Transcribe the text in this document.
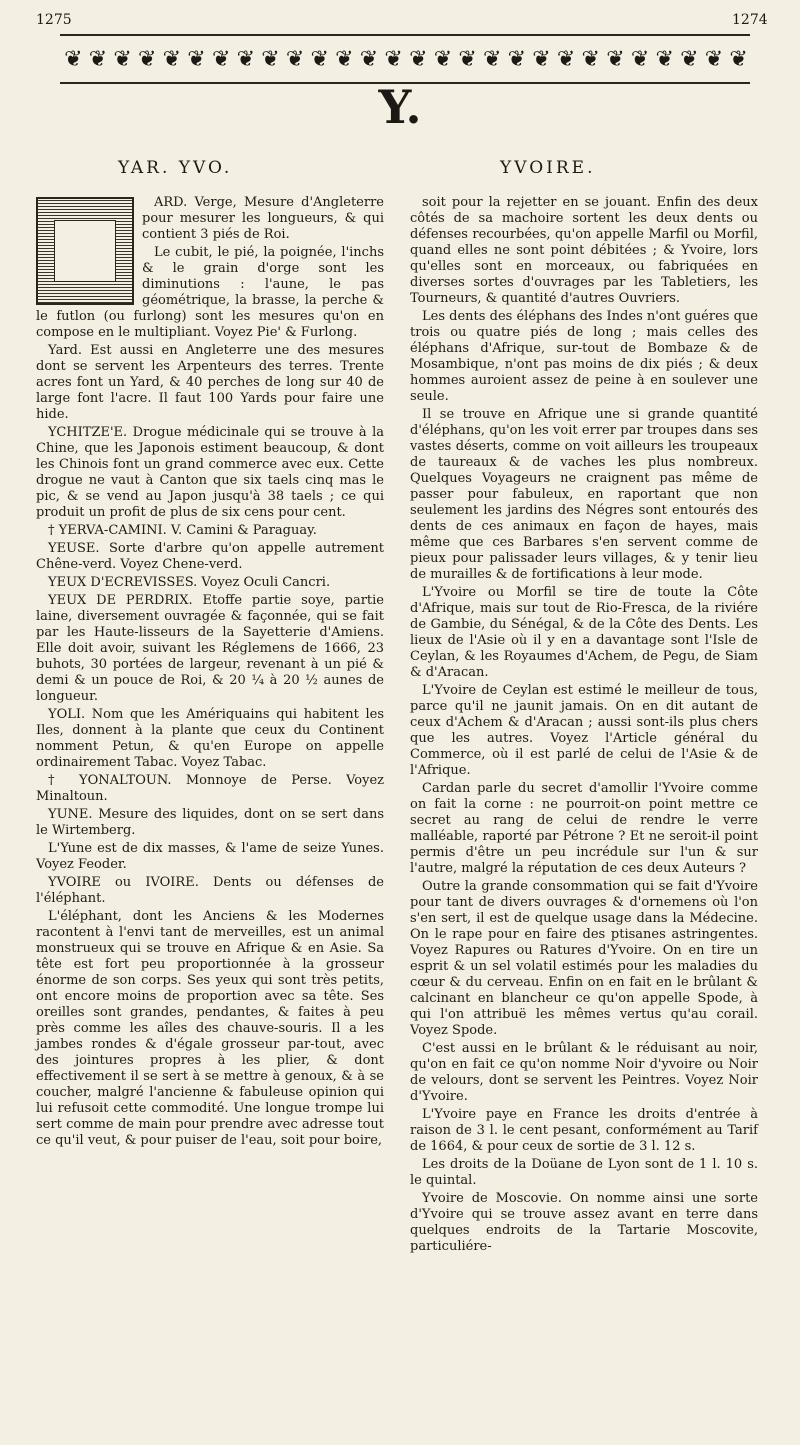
1275	1274
❦ ❦ ❦ ❦ ❦ ❦ ❦ ❦ ❦ ❦ ❦ ❦ ❦ ❦ ❦ ❦ ❦ ❦ ❦ ❦ ❦ ❦ ❦ ❦ ❦ ❦ ❦ ❦
Y.
YAR. YVO.	YVOIRE.

ARD. Verge, Mesure d'Angleterre pour mesurer les longueurs, & qui contient 3 piés de Roi.

Le cubit, le pié, la poignée, l'inchs & le grain d'orge sont les diminutions : l'aune, le pas géométrique, la brasse, la perche & le futlon (ou furlong) sont les mesures qu'on en compose en le multipliant. Voyez Pie' & Furlong.

Yard. Est aussi en Angleterre une des mesures dont se servent les Arpenteurs des terres. Trente acres font un Yard, & 40 perches de long sur 40 de large font l'acre. Il faut 100 Yards pour faire une hide.

YCHITZE'E. Drogue médicinale qui se trouve à la Chine, que les Japonois estiment beaucoup, & dont les Chinois font un grand commerce avec eux. Cette drogue ne vaut à Canton que six taels cinq mas le pic, & se vend au Japon jusqu'à 38 taels ; ce qui produit un profit de plus de six cens pour cent.

† YERVA-CAMINI. V. Camini & Paraguay.

YEUSE. Sorte d'arbre qu'on appelle autrement Chêne-verd. Voyez Chene-verd.

YEUX D'ECREVISSES. Voyez Oculi Cancri.

YEUX DE PERDRIX. Etoffe partie soye, partie laine, diversement ouvragée & façonnée, qui se fait par les Haute-lisseurs de la Sayetterie d'Amiens. Elle doit avoir, suivant les Réglemens de 1666, 23 buhots, 30 portées de largeur, revenant à un pié & demi & un pouce de Roi, & 20 ¼ à 20 ½ aunes de longueur.

YOLI. Nom que les Amériquains qui habitent les Iles, donnent à la plante que ceux du Continent nomment Petun, & qu'en Europe on appelle ordinairement Tabac. Voyez Tabac.

† YONALTOUN. Monnoye de Perse. Voyez Minaltoun.

YUNE. Mesure des liquides, dont on se sert dans le Wirtemberg.

L'Yune est de dix masses, & l'ame de seize Yunes. Voyez Feoder.

YVOIRE ou IVOIRE. Dents ou défenses de l'éléphant.

L'éléphant, dont les Anciens & les Modernes racontent à l'envi tant de merveilles, est un animal monstrueux qui se trouve en Afrique & en Asie. Sa tête est fort peu proportionnée à la grosseur énorme de son corps. Ses yeux qui sont très petits, ont encore moins de proportion avec sa tête. Ses oreilles sont grandes, pendantes, & faites à peu près comme les aîles des chauve-souris. Il a les jambes rondes & d'égale grosseur par-tout, avec des jointures propres à les plier, & dont effectivement il se sert à se mettre à genoux, & à se coucher, malgré l'ancienne & fabuleuse opinion qui lui refusoit cette commodité. Une longue trompe lui sert comme de main pour prendre avec adresse tout ce qu'il veut, & pour puiser de l'eau, soit pour boire,

soit pour la rejetter en se jouant. Enfin des deux côtés de sa machoire sortent les deux dents ou défenses recourbées, qu'on appelle Marfil ou Morfil, quand elles ne sont point débitées ; & Yvoire, lors qu'elles sont en morceaux, ou fabriquées en diverses sortes d'ouvrages par les Tabletiers, les Tourneurs, & quantité d'autres Ouvriers.

Les dents des éléphans des Indes n'ont guéres que trois ou quatre piés de long ; mais celles des éléphans d'Afrique, sur-tout de Bombaze & de Mosambique, n'ont pas moins de dix piés ; & deux hommes auroient assez de peine à en soulever une seule.

Il se trouve en Afrique une si grande quantité d'éléphans, qu'on les voit errer par troupes dans ses vastes déserts, comme on voit ailleurs les troupeaux de taureaux & de vaches les plus nombreux. Quelques Voyageurs ne craignent pas même de passer pour fabuleux, en raportant que non seulement les jardins des Négres sont entourés des dents de ces animaux en façon de hayes, mais même que ces Barbares s'en servent comme de pieux pour palissader leurs villages, & y tenir lieu de murailles & de fortifications à leur mode.

L'Yvoire ou Morfil se tire de toute la Côte d'Afrique, mais sur tout de Rio-Fresca, de la riviére de Gambie, du Sénégal, & de la Côte des Dents. Les lieux de l'Asie où il y en a davantage sont l'Isle de Ceylan, & les Royaumes d'Achem, de Pegu, de Siam & d'Aracan.

L'Yvoire de Ceylan est estimé le meilleur de tous, parce qu'il ne jaunit jamais. On en dit autant de ceux d'Achem & d'Aracan ; aussi sont-ils plus chers que les autres. Voyez l'Article général du Commerce, où il est parlé de celui de l'Asie & de l'Afrique.

Cardan parle du secret d'amollir l'Yvoire comme on fait la corne : ne pourroit-on point mettre ce secret au rang de celui de rendre le verre malléable, raporté par Pétrone ? Et ne seroit-il point permis d'être un peu incrédule sur l'un & sur l'autre, malgré la réputation de ces deux Auteurs ?

Outre la grande consommation qui se fait d'Yvoire pour tant de divers ouvrages & d'ornemens où l'on s'en sert, il est de quelque usage dans la Médecine. On le rape pour en faire des ptisanes astringentes. Voyez Rapures ou Ratures d'Yvoire. On en tire un esprit & un sel volatil estimés pour les maladies du cœur & du cerveau. Enfin on en fait en le brûlant & calcinant en blancheur ce qu'on appelle Spode, à qui l'on attribuë les mêmes vertus qu'au corail. Voyez Spode.

C'est aussi en le brûlant & le réduisant au noir, qu'on en fait ce qu'on nomme Noir d'yvoire ou Noir de velours, dont se servent les Peintres. Voyez Noir d'Yvoire.

L'Yvoire paye en France les droits d'entrée à raison de 3 l. le cent pesant, conformément au Tarif de 1664, & pour ceux de sortie de 3 l. 12 s.

Les droits de la Doüane de Lyon sont de 1 l. 10 s. le quintal.

Yvoire de Moscovie. On nomme ainsi une sorte d'Yvoire qui se trouve assez avant en terre dans quelques endroits de la Tartarie Moscovite, particuliére-
